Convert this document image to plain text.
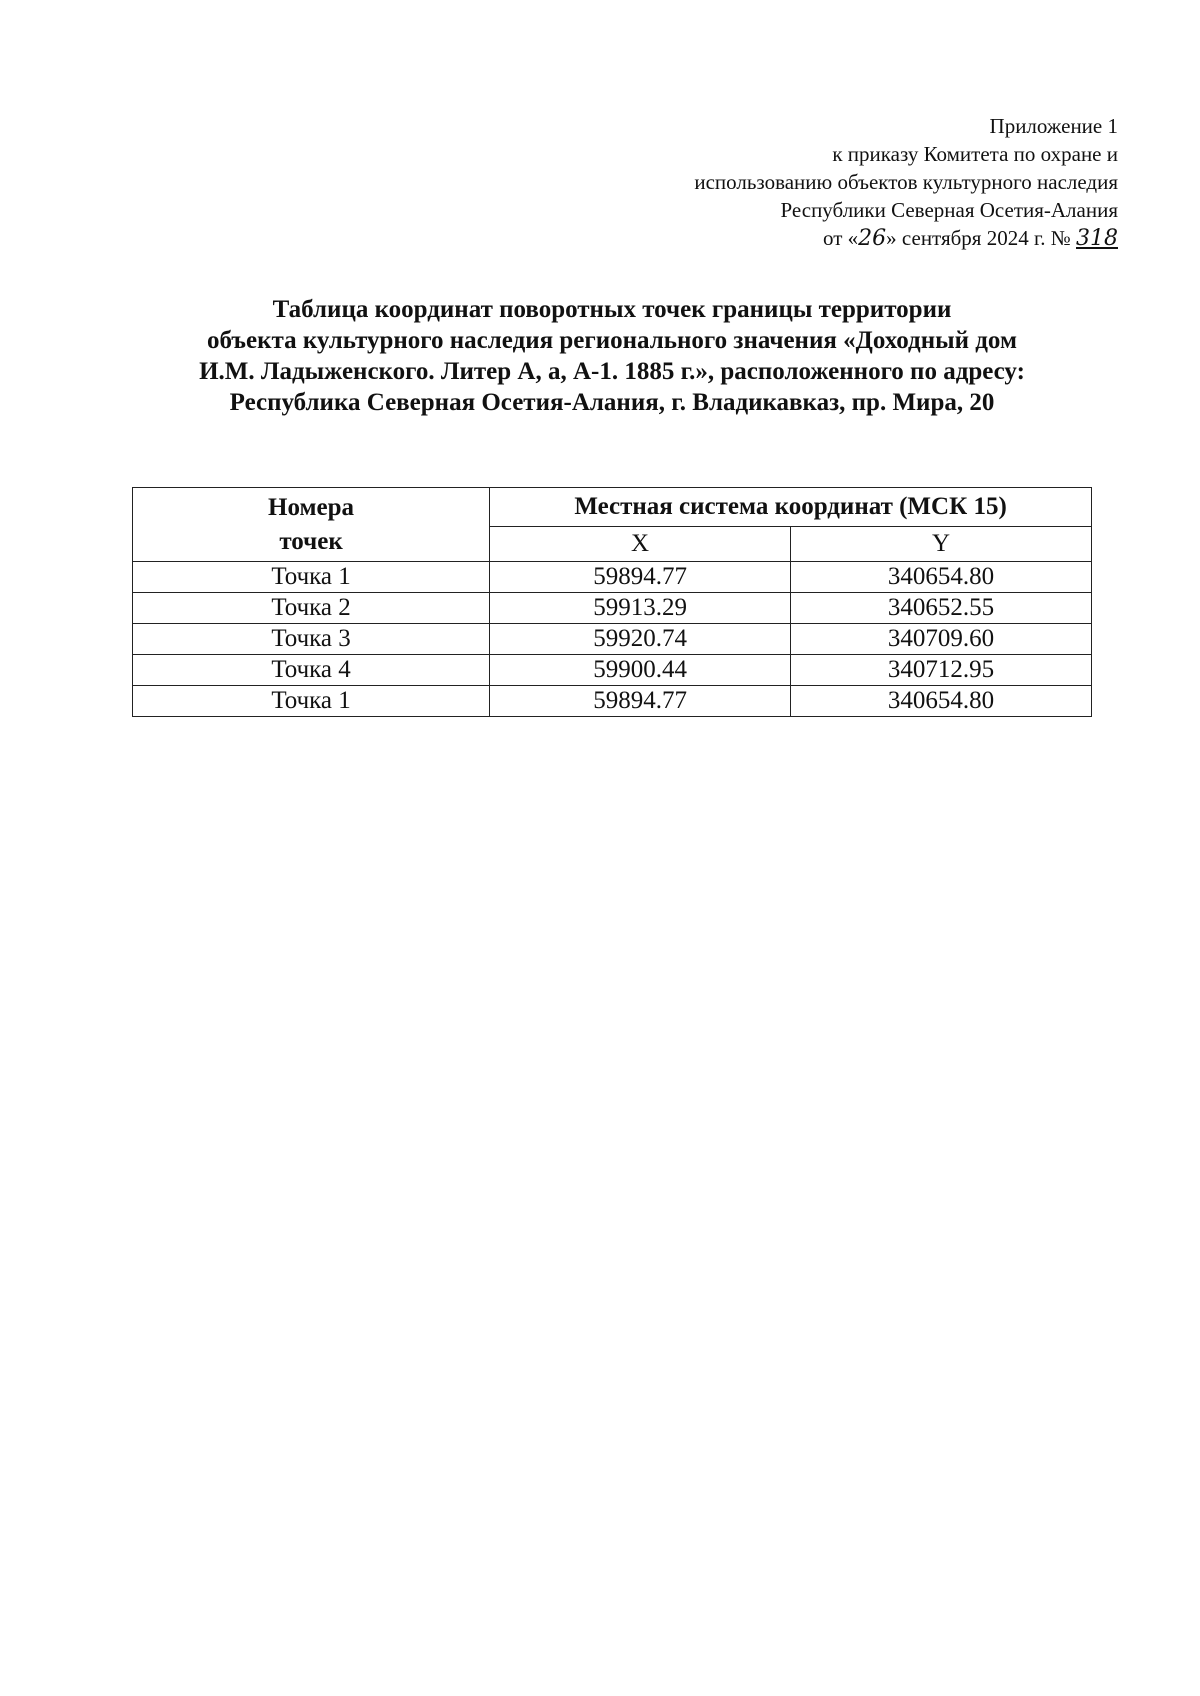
Приложение 1
к приказу Комитета по охране и
использованию объектов культурного наследия
Республики Северная Осетия-Алания
от «26» сентября 2024 г. № 318
Таблица координат поворотных точек границы территории
объекта культурного наследия регионального значения «Доходный дом
И.М. Ладыженского. Литер А, а, А-1. 1885 г.», расположенного по адресу:
Республика Северная Осетия-Алания, г. Владикавказ, пр. Мира, 20
Номера
точек	Местная система координат (МСК 15)	
	X	Y
Точка 1	59894.77	340654.80
Точка 2	59913.29	340652.55
Точка 3	59920.74	340709.60
Точка 4	59900.44	340712.95
Точка 1	59894.77	340654.80
